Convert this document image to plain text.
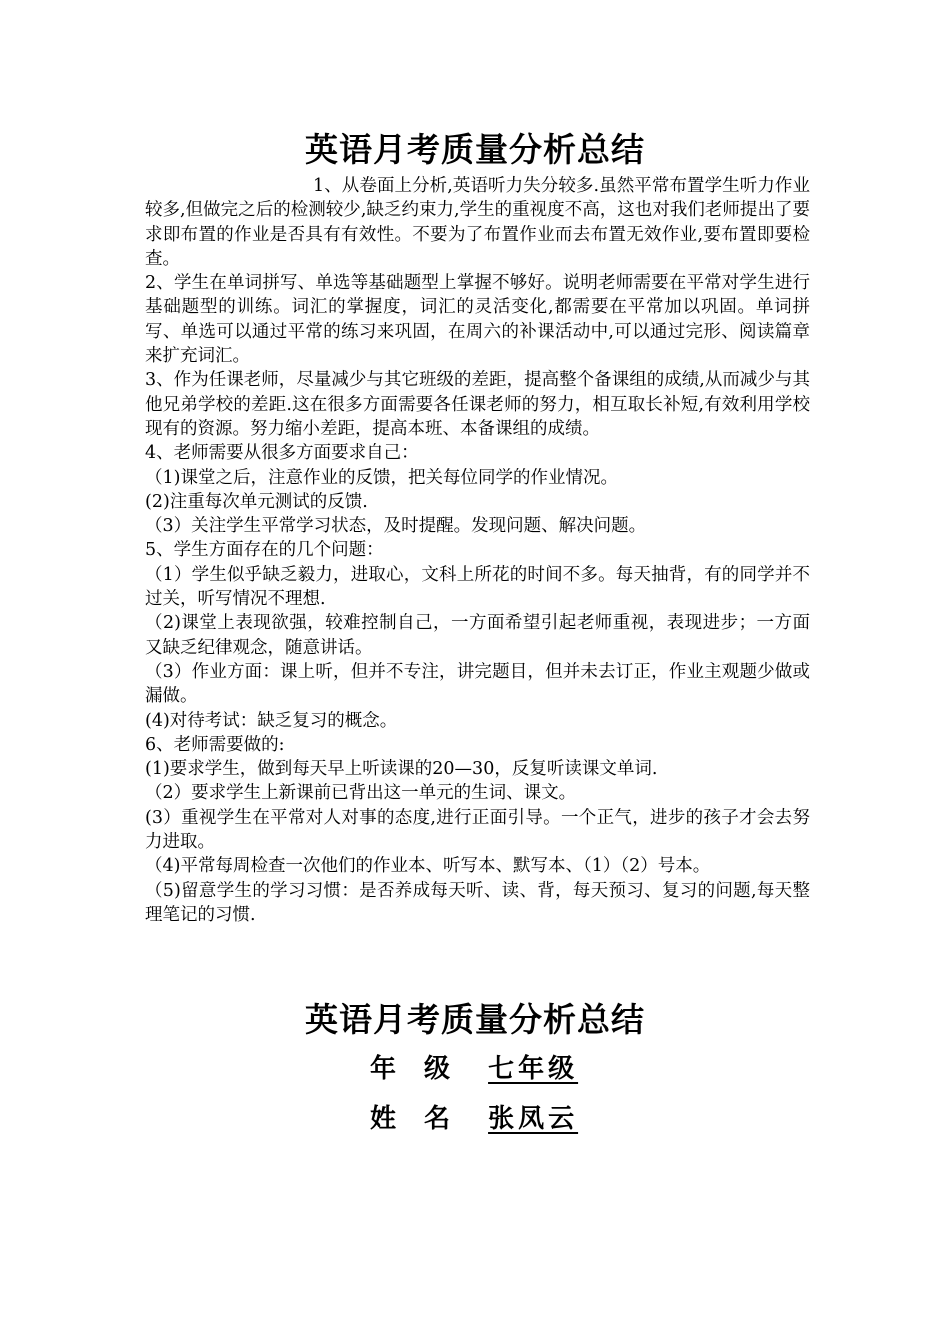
英语月考质量分析总结

1、从卷面上分析,英语听力失分较多.虽然平常布置学生听力作业较多,但做完之后的检测较少,缺乏约束力,学生的重视度不高，这也对我们老师提出了要求即布置的作业是否具有有效性。不要为了布置作业而去布置无效作业,要布置即要检查。

2、学生在单词拼写、单选等基础题型上掌握不够好。说明老师需要在平常对学生进行基础题型的训练。词汇的掌握度，词汇的灵活变化,都需要在平常加以巩固。单词拼写、单选可以通过平常的练习来巩固，在周六的补课活动中,可以通过完形、阅读篇章来扩充词汇。

3、作为任课老师，尽量减少与其它班级的差距，提高整个备课组的成绩,从而减少与其他兄弟学校的差距.这在很多方面需要各任课老师的努力，相互取长补短,有效利用学校现有的资源。努力缩小差距，提高本班、本备课组的成绩。

4、老师需要从很多方面要求自己：

（1)课堂之后，注意作业的反馈，把关每位同学的作业情况。

(2)注重每次单元测试的反馈.

（3）关注学生平常学习状态，及时提醒。发现问题、解决问题。

5、学生方面存在的几个问题：

（1）学生似乎缺乏毅力，进取心，文科上所花的时间不多。每天抽背，有的同学并不过关，听写情况不理想.

（2)课堂上表现欲强，较难控制自己，一方面希望引起老师重视，表现进步；一方面又缺乏纪律观念，随意讲话。

（3）作业方面：课上听，但并不专注，讲完题目，但并未去订正，作业主观题少做或漏做。

(4)对待考试：缺乏复习的概念。

6、老师需要做的:

(1)要求学生，做到每天早上听读课的20—30，反复听读课文单词.

（2）要求学生上新课前已背出这一单元的生词、课文。

(3）重视学生在平常对人对事的态度,进行正面引导。一个正气，进步的孩子才会去努力进取。

（4)平常每周检查一次他们的作业本、听写本、默写本、（1）（2）号本。

（5)留意学生的学习习惯：是否养成每天听、读、背，每天预习、复习的问题,每天整理笔记的习惯.

英语月考质量分析总结
年级 七年级
姓名 张凤云
